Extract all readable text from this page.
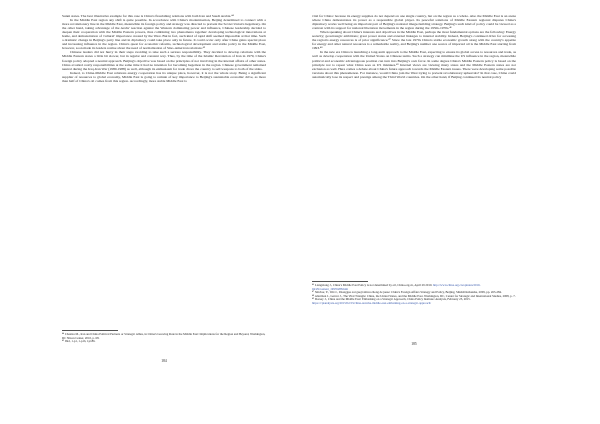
Sunni states. The best illustrative example for this case is China's flourishing relations with both Iran and Saudi Arabia.⁴⁴

In the Middle East region any shift is quite possible. In accordance with China's modernisation, Beijing determined to connect with a more revolutionary line in the Middle East, meanwhile its foreign policy and strategy was directed to prevent the Soviet Union's hegemony. On the other hand, taking advantage of the Arabs' reaction against the Western dominating power and influence, Chinese leadership decided to deepen their cooperation with the Middle Eastern powers, thus combining two phenomena together: developing technological innovations at home, and demonstration of 'cultural' importance created by the West. But in fact, such kind of rapid shift seemed impossible at that time. Such a dramatic change in Beijing's party line and in diplomacy could take place only in future. It could occur only after China gains special place and increasing influence in the region. China's quest for economic reforms, technological development and stable policy in the Middle East, however, soon made its leaders realise about the need of normalisation of Sino-American relations.⁴⁵

Chinese leaders did not hurry in their steps avoiding to take such a serious responsibility. They decided to develop relations with the Middle Eastern states a little bit slower, but in regular and constant way. Thus, by the time of the Islamic Revolution of Iran in 1979, China's foreign policy adopted a neutral approach. Beijing's objective was based on the principles of not involving in the internal affairs of other states. China avoided costly responsibilities at the same time it had no intention for becoming hegemon in the region. Chinese government remained neutral during the Iraq-Iran War (1980-1988) as well, although its enthusiasm for trade drove the country to sell weapons to both of the sides.

Indeed, to China-Middle East relations energy cooperation has its unique place, however, it is not the whole story. Being a significant supplier of resources to global economy, Middle East is going to remain of key importance to Beijing's sustainable economic drive, as more than half of China's oil comes from this region. Accordingly, more stable Middle East is

⁴⁴ Chaziza M., Iran and China Political Partners or Strategic Allies, in China's Growing Role in the Middle East: Implications for the Region and Beyond, Washington, DC Nixon Center, 2010, p. 68.

⁴⁵ Ibid, 1-p1, 1-p1b, 1p186.

184

vital for China: because its energy supplies do not depend on one single country, but on the region as a whole. Also the Middle East is an arena where China demonstrates its power as a responsible global player. Its peaceful solutions of Middle Eastern regional disputes China's diplomacy works well being an important part of Beijing's national image-building strategy. Beijing's such kind of policy could be viewed as a contrast with its support for national liberation movements in the region during the 1950s-1970s.⁴⁶

When speaking about China's interests and objectives in the Middle East, perhaps the most fundamental options are the following: Energy security; geostrategic ambitions; great power status and external linkages to internal stability. Indeed, Beijing's continued drive for accessing the region's energy resources is of prior significance.⁴⁷ Since the late 1970s China's stable economic growth along with the country's appetite for energy and other natural resources is a remarkable reality, and Beijing's number one source of imported oil is the Middle East starting from 1993.⁴⁸

In the new era China is launching a long-term approach to the Middle East, expecting to ensure its global access to resources and trade, as well as develop cooperation with the United States on Chinese terms. Such a strategy can minimise the US influence in the region, meanwhile political and economic advantageous position can turn into Beijing's own favor. In some degree China's Middle Eastern policy is based on the principle not to repeat what China sees as US mistakes.⁴⁹ Internal views are viewing many states and the Middle Eastern states are not exclusion as well. Here comes a debate about China's future approach towards the Middle Eastern issues. There were developing some possible versions about this phenomenon. For instance, would China join the West trying to prevent revolutionary upheavals? In that case, China could automatically lose its respect and prestige among the Third World countries. On the other hand, if Beijing continued its neutral policy

⁴⁶ Liangxiang J., China's Middle East Policy is not determined by oil, China.org.cn, April 29 2010. http://www.china.org.cn/opinion/2010-04/29/content_19935288.htm

⁴⁷ Shichor, Y., Wei J., Zhongguo zai guoji shiwu zhong de juese: China's Foreign Affairs Strategy and Policy, Beijing, ShishiChubanshe, 2009, pp. 263-284.

⁴⁸ Alterman J., Garver J., The Vital Triangle: China, the United States, and the Middle East. Washington, DC, Center for Strategic and International Studies, 2008, p. 7.

⁴⁹ Dorsey J., China and the Middle East: Embarking on a Strategic Approach, China Policy Institute: Analysis, February 23, 2015. https://cpianalysis.org/2015/02/23/china-and-the-middle-east-embarking-on-a-strategic-approach/

185
